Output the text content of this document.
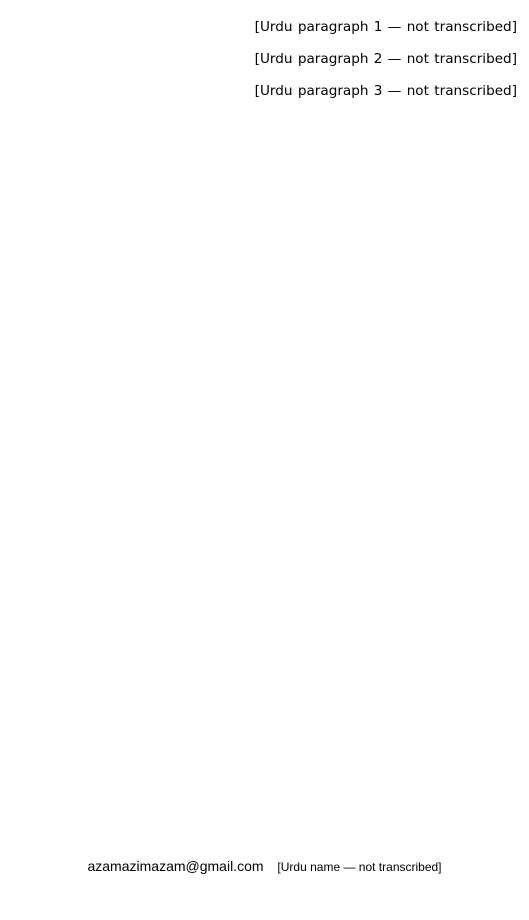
[Urdu paragraph 1 — not transcribed]

[Urdu paragraph 2 — not transcribed]

[Urdu paragraph 3 — not transcribed]

azamazimazam@gmail.com [Urdu name — not transcribed]
